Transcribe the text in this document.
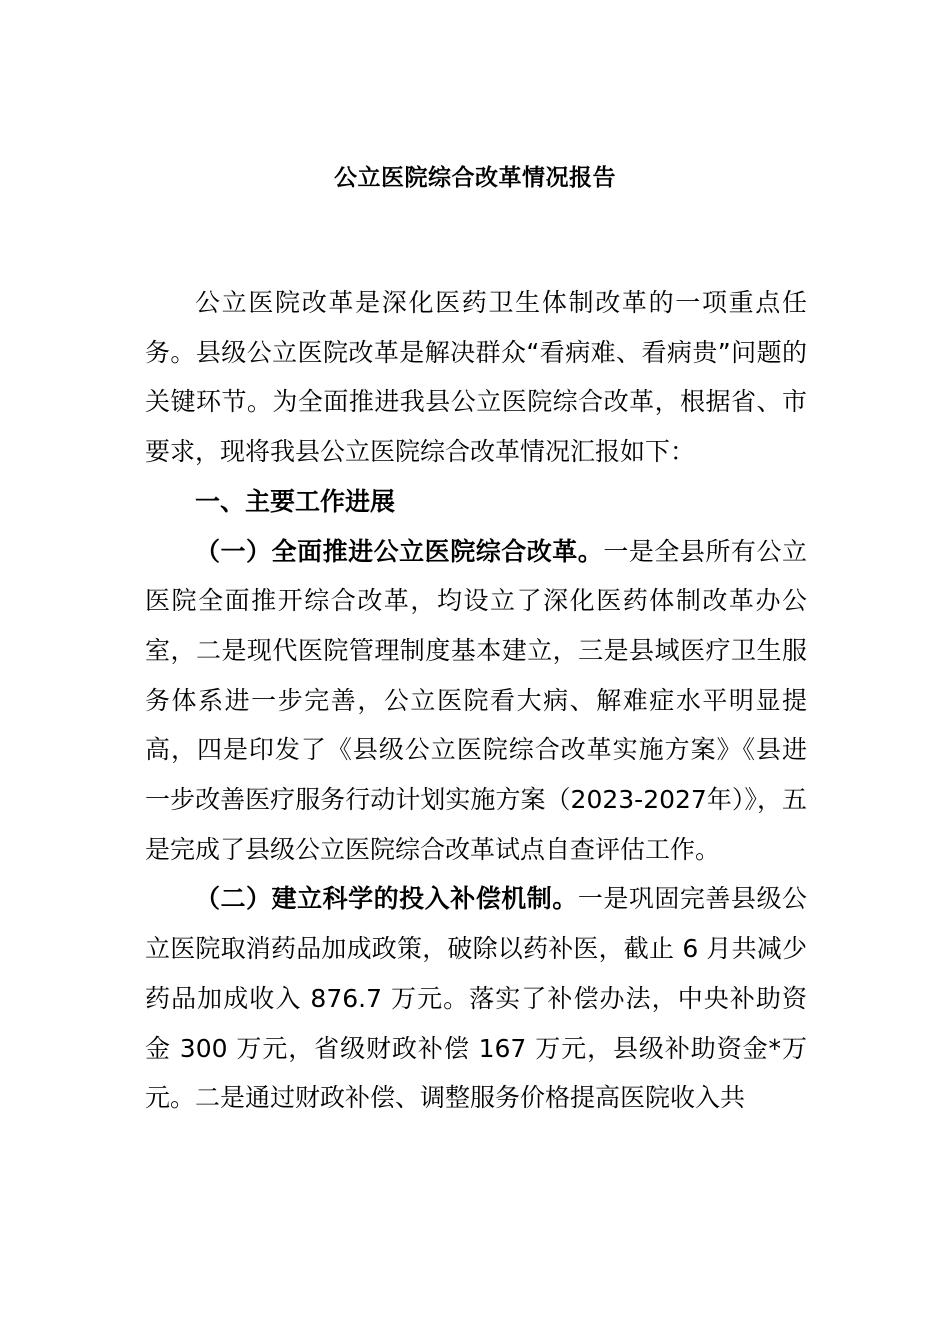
公立医院综合改革情况报告

公立医院改革是深化医药卫生体制改革的一项重点任务。县级公立医院改革是解决群众“看病难、看病贵”问题的关键环节。为全面推进我县公立医院综合改革，根据省、市要求，现将我县公立医院综合改革情况汇报如下：

一、主要工作进展

（一）全面推进公立医院综合改革。一是全县所有公立医院全面推开综合改革，均设立了深化医药体制改革办公室，二是现代医院管理制度基本建立，三是县域医疗卫生服务体系进一步完善，公立医院看大病、解难症水平明显提高，四是印发了《县级公立医院综合改革实施方案》《县进一步改善医疗服务行动计划实施方案（2023-2027年）》，五是完成了县级公立医院综合改革试点自查评估工作。

（二）建立科学的投入补偿机制。一是巩固完善县级公立医院取消药品加成政策，破除以药补医，截止 6 月共减少药品加成收入 876.7 万元。落实了补偿办法，中央补助资金 300 万元，省级财政补偿 167 万元，县级补助资金*万元。二是通过财政补偿、调整服务价格提高医院收入共
